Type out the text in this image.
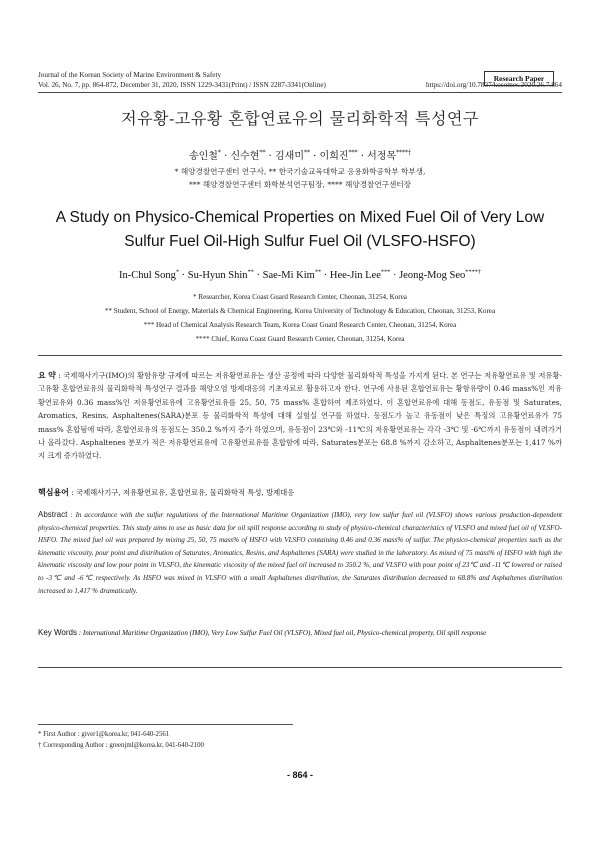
Journal of the Korean Society of Marine Environment & Safety	Research Paper
Vol. 26, No. 7, pp. 864-872, December 31, 2020, ISSN 1229-3431(Print) / ISSN 2287-3341(Online)	https://doi.org/10.7837/kosomes.2020.26.7.864
저유황-고유황 혼합연료유의 물리화학적 특성연구
송인철* · 신수현** · 김새미** · 이희진*** · 서정목****†
* 해양경찰연구센터 연구사, ** 한국기술교육대학교 응용화학공학부 학부생,
*** 해양경찰연구센터 화학분석연구팀장, **** 해양경찰연구센터장
A Study on Physico-Chemical Properties on Mixed Fuel Oil of Very Low
Sulfur Fuel Oil-High Sulfur Fuel Oil (VLSFO-HSFO)
In-Chul Song* · Su-Hyun Shin** · Sae-Mi Kim** · Hee-Jin Lee*** · Jeong-Mog Seo****†
* Researcher, Korea Coast Guard Research Center, Cheonan, 31254, Korea
** Student, School of Energy, Materials & Chemical Engineering, Korea University of Technology & Education, Cheonan, 31253, Korea
*** Head of Chemical Analysis Research Team, Korea Coast Guard Research Center, Cheonan, 31254, Korea
**** Chief, Korea Coast Guard Research Center, Cheonan, 31254, Korea
요 약 : 국제해사기구(IMO)의 황함유량 규제에 따르는 저유황연료유는 생산 공정에 따라 다양한 물리화학적 특성을 가지게 된다. 본 연구는 저유황연료유 및 저유황-고유황 혼합연료유의 물리화학적 특성연구 결과를 해양오염 방제대응의 기초자료로 활용하고자 한다. 연구에 사용된 혼합연료유는 황함유량이 0.46 mass%인 저유황연료유와 0.36 mass%인 저유황연료유에 고유황연료유를 25, 50, 75 mass% 혼합하여 제조하였다. 이 혼합연료유에 대해 동점도, 유동점 및 Saturates, Aromatics, Resins, Asphaltenes(SARA)분포 등 물리화학적 특성에 대해 실험실 연구를 하였다. 동점도가 높고 유동점이 낮은 특징의 고유황연료유가 75 mass% 혼합됨에 따라, 혼합연료유의 동점도는 350.2 %까지 증가 하였으며, 유동점이 23℃와 -11℃의 저유황연료유는 각각 -3℃ 및 -6℃까지 유동점이 내려가거나 올라갔다. Asphaltenes 분포가 적은 저유황연료유에 고유황연료유를 혼합함에 따라, Saturates분포는 68.8 %까지 감소하고, Asphaltenes분포는 1,417 %까지 크게 증가하였다.
핵심용어 : 국제해사기구, 저유황연료유, 혼합연료유, 물리화학적 특성, 방제대응
Abstract : In accordance with the sulfur regulations of the International Maritime Organization (IMO), very low sulfur fuel oil (VLSFO) shows various production-dependent physico-chemical properties. This study aims to use as basic data for oil spill response according to study of physico-chemical characteristics of VLSFO and mixed fuel oil of VLSFO-HSFO. The mixed fuel oil was prepared by mixing 25, 50, 75 mass% of HSFO with VLSFO containing 0.46 and 0.36 mass% of sulfur. The physico-chemical properties such as the kinematic viscosity, pour point and distribution of Saturates, Aromatics, Resins, and Asphaltenes (SARA) were studied in the laboratory. As mixed of 75 mass% of HSFO with high the kinematic viscosity and low pour point in VLSFO, the kinematic viscosity of the mixed fuel oil increased to 350.2 %, and VLSFO with pour point of 23℃ and -11℃ lowered or raised to -3℃ and -6℃ respectively. As HSFO was mixed in VLSFO with a small Asphaltenes distribution, the Saturates distribution decreased to 68.8% and Asphaltenes distribution increased to 1,417 % dramatically.
Key Words : International Maritime Organization (IMO), Very Low Sulfur Fuel Oil (VLSFO), Mixed fuel oil, Physico-chemical property, Oil spill response
* First Author : giver1@korea.kr, 041-640-2561
† Corresponding Author : greenjml@korea.kr, 041-640-2100
- 864 -
